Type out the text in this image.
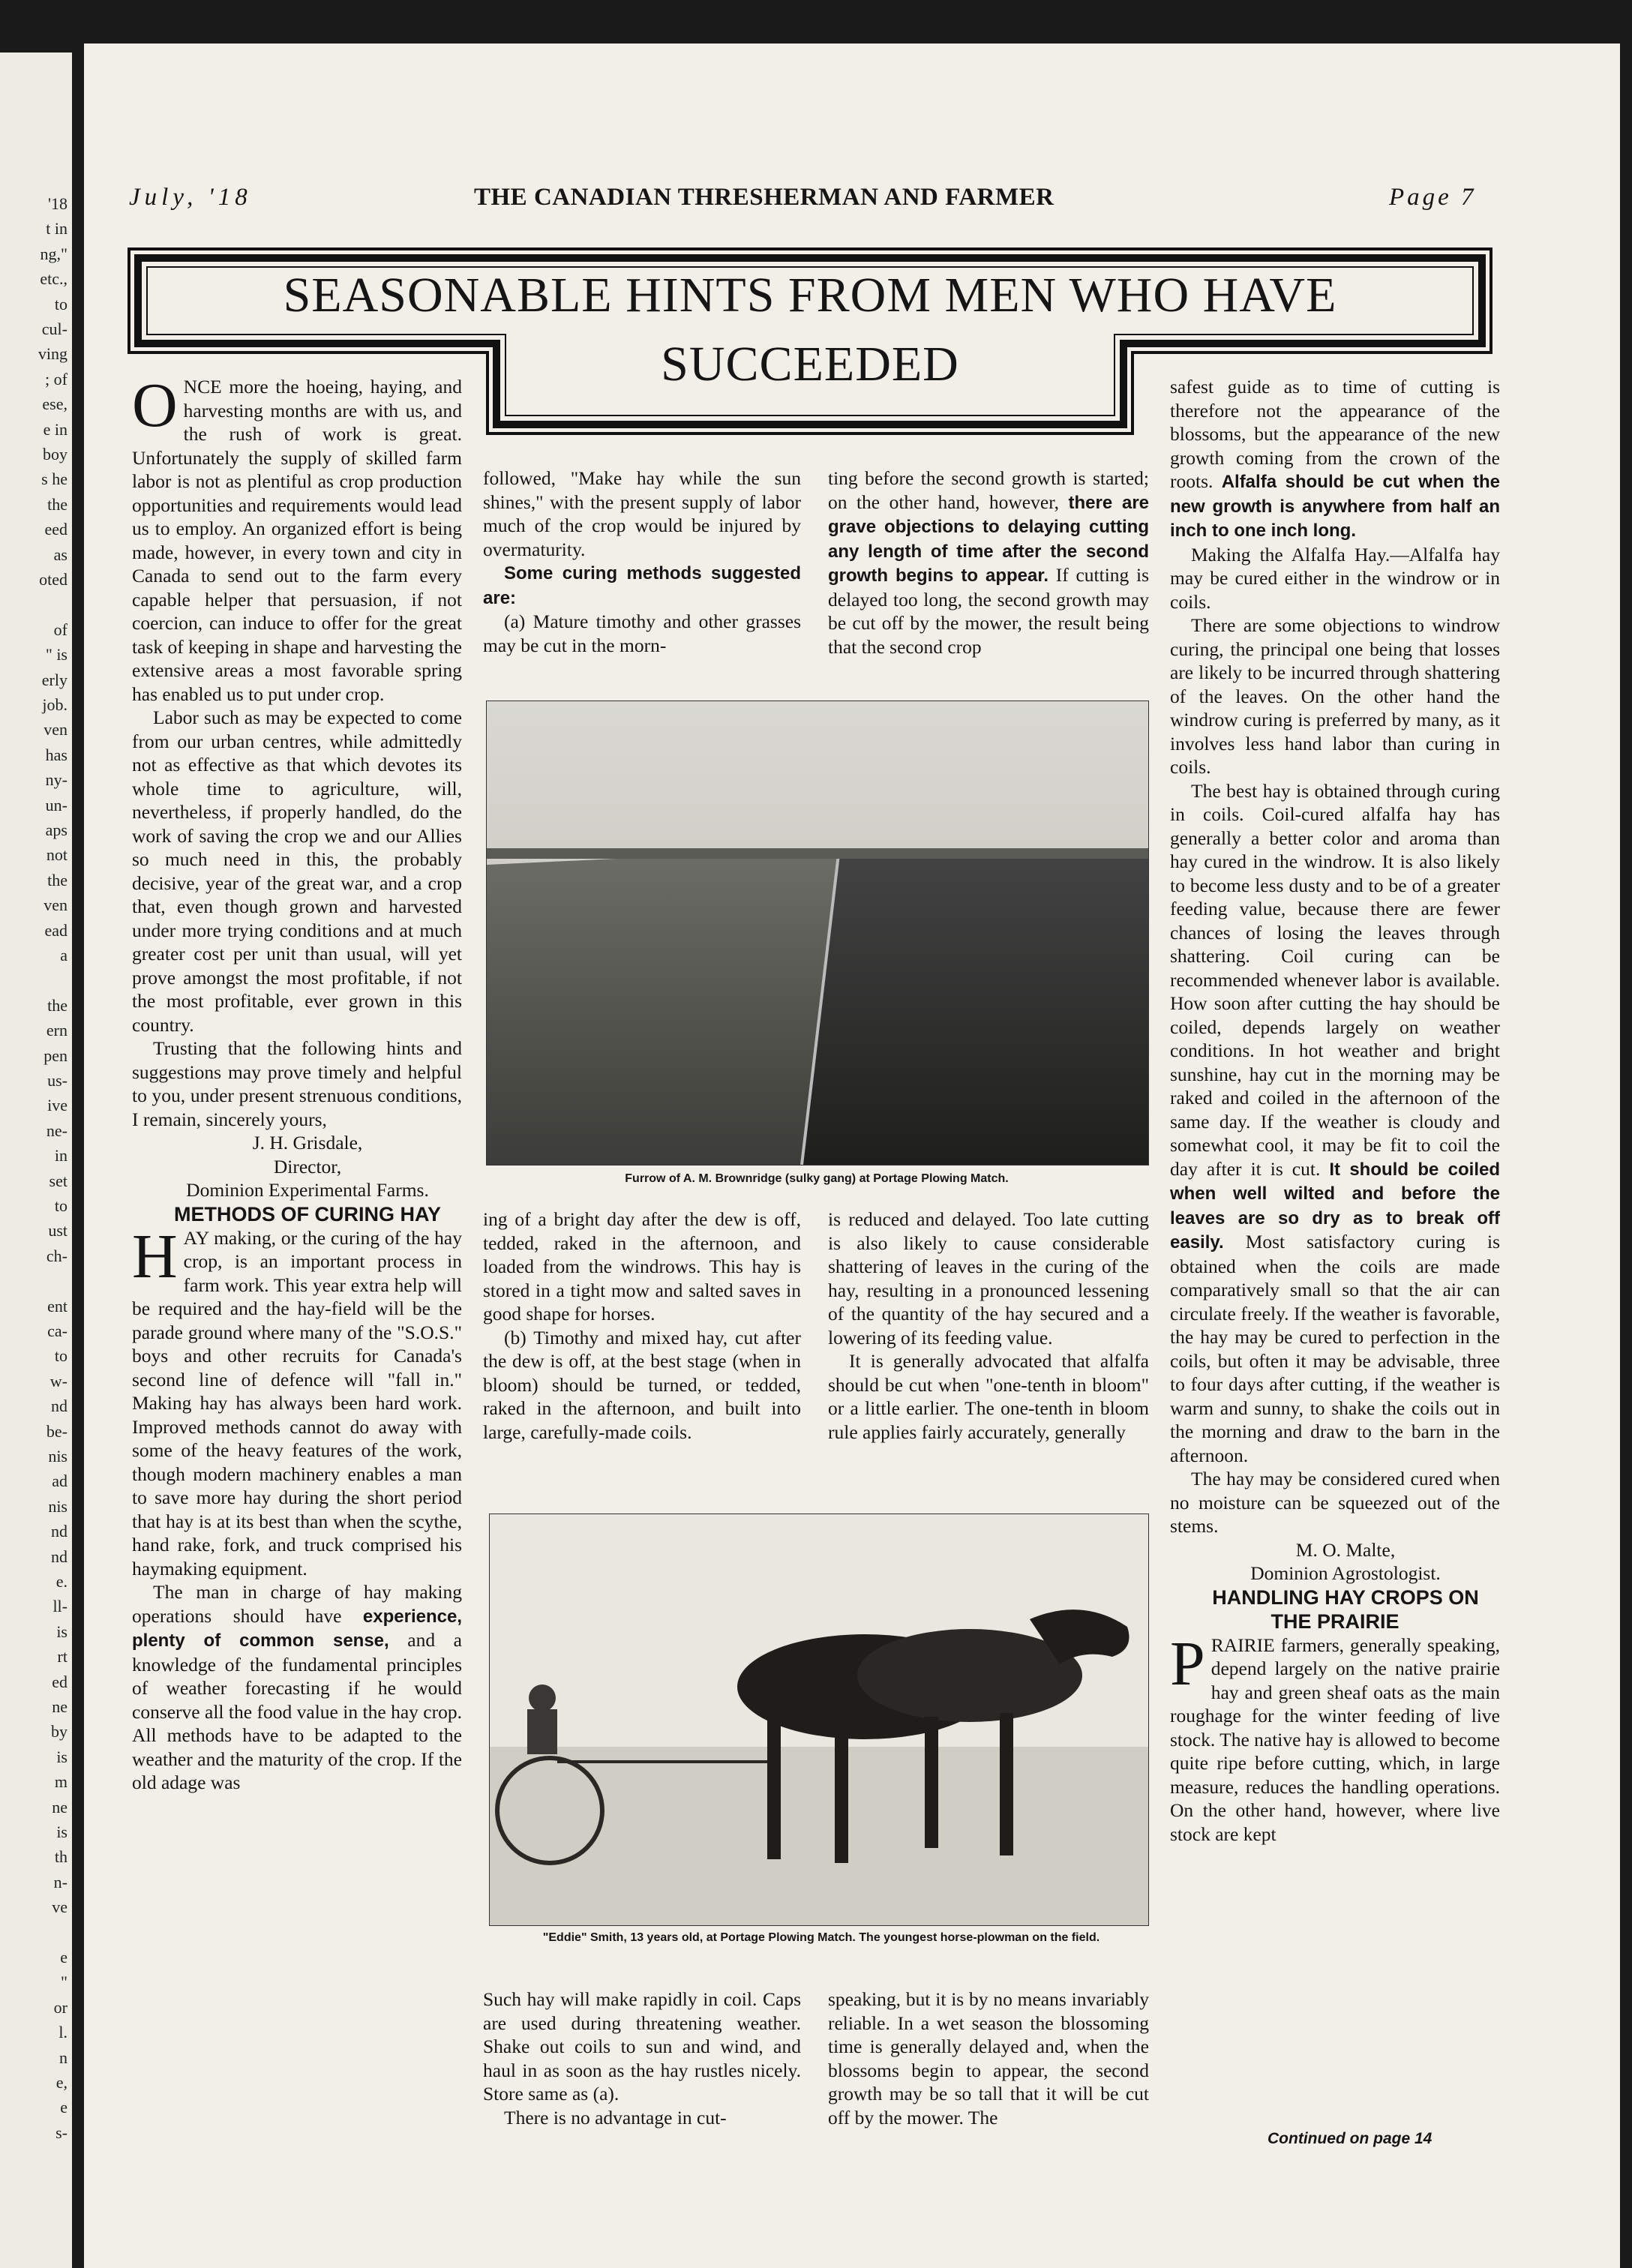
'18
t in
ng,"
etc.,
to
cul-
ving
; of
ese,
e in
boy
s he
the
eed
as
oted
of
" is
erly
job.
ven
has
ny-
un-
aps
not
the
ven
ead
a
the
ern
pen
us-
ive
ne-
in
set
to
ust
ch-
ent
ca-
to
w-
nd
be-
nis
ad
nis
nd
nd
e.
ll-
is
rt
ed
ne
by
is
m
ne
is
th
n-
ve
e
"
or
l.
n
e,
e
s-
July, '18	THE CANADIAN THRESHERMAN AND FARMER	Page 7
SEASONABLE HINTS FROM MEN WHO HAVE
SUCCEEDED

ONCE more the hoeing, haying, and harvesting months are with us, and the rush of work is great. Unfortunately the supply of skilled farm labor is not as plentiful as crop production opportunities and requirements would lead us to employ. An organized effort is being made, however, in every town and city in Canada to send out to the farm every capable helper that persuasion, if not coercion, can induce to offer for the great task of keeping in shape and harvesting the extensive areas a most favorable spring has enabled us to put under crop.

Labor such as may be expected to come from our urban centres, while admittedly not as effective as that which devotes its whole time to agriculture, will, nevertheless, if properly handled, do the work of saving the crop we and our Allies so much need in this, the probably decisive, year of the great war, and a crop that, even though grown and harvested under more trying conditions and at much greater cost per unit than usual, will yet prove amongst the most profitable, if not the most profitable, ever grown in this country.

Trusting that the following hints and suggestions may prove timely and helpful to you, under present strenuous conditions, I remain, sincerely yours,

J. H. Grisdale,

Director,

Dominion Experimental Farms.

METHODS OF CURING HAY

HAY making, or the curing of the hay crop, is an important process in farm work. This year extra help will be required and the hay-field will be the parade ground where many of the "S.O.S." boys and other recruits for Canada's second line of defence will "fall in." Making hay has always been hard work. Improved methods cannot do away with some of the heavy features of the work, though modern machinery enables a man to save more hay during the short period that hay is at its best than when the scythe, hand rake, fork, and truck comprised his haymaking equipment.

The man in charge of hay making operations should have experience, plenty of common sense, and a knowledge of the fundamental principles of weather forecasting if he would conserve all the food value in the hay crop. All methods have to be adapted to the weather and the maturity of the crop. If the old adage was

followed, "Make hay while the sun shines," with the present supply of labor much of the crop would be injured by overmaturity.

Some curing methods suggested are:

(a) Mature timothy and other grasses may be cut in the morn-

ting before the second growth is started; on the other hand, however, there are grave objections to delaying cutting any length of time after the second growth begins to appear. If cutting is delayed too long, the second growth may be cut off by the mower, the result being that the second crop

Furrow of A. M. Brownridge (sulky gang) at Portage Plowing Match.

ing of a bright day after the dew is off, tedded, raked in the afternoon, and loaded from the windrows. This hay is stored in a tight mow and salted saves in good shape for horses.

(b) Timothy and mixed hay, cut after the dew is off, at the best stage (when in bloom) should be turned, or tedded, raked in the afternoon, and built into large, carefully-made coils.

is reduced and delayed. Too late cutting is also likely to cause considerable shattering of leaves in the curing of the hay, resulting in a pronounced lessening of the quantity of the hay secured and a lowering of its feeding value.

It is generally advocated that alfalfa should be cut when "one-tenth in bloom" or a little earlier. The one-tenth in bloom rule applies fairly accurately, generally

"Eddie" Smith, 13 years old, at Portage Plowing Match. The youngest horse-plowman on the field.

Such hay will make rapidly in coil. Caps are used during threatening weather. Shake out coils to sun and wind, and haul in as soon as the hay rustles nicely. Store same as (a).

There is no advantage in cut-

speaking, but it is by no means invariably reliable. In a wet season the blossoming time is generally delayed and, when the blossoms begin to appear, the second growth may be so tall that it will be cut off by the mower. The

safest guide as to time of cutting is therefore not the appearance of the blossoms, but the appearance of the new growth coming from the crown of the roots. Alfalfa should be cut when the new growth is anywhere from half an inch to one inch long.

Making the Alfalfa Hay.—Alfalfa hay may be cured either in the windrow or in coils.

There are some objections to windrow curing, the principal one being that losses are likely to be incurred through shattering of the leaves. On the other hand the windrow curing is preferred by many, as it involves less hand labor than curing in coils.

The best hay is obtained through curing in coils. Coil-cured alfalfa hay has generally a better color and aroma than hay cured in the windrow. It is also likely to become less dusty and to be of a greater feeding value, because there are fewer chances of losing the leaves through shattering. Coil curing can be recommended whenever labor is available. How soon after cutting the hay should be coiled, depends largely on weather conditions. In hot weather and bright sunshine, hay cut in the morning may be raked and coiled in the afternoon of the same day. If the weather is cloudy and somewhat cool, it may be fit to coil the day after it is cut. It should be coiled when well wilted and before the leaves are so dry as to break off easily. Most satisfactory curing is obtained when the coils are made comparatively small so that the air can circulate freely. If the weather is favorable, the hay may be cured to perfection in the coils, but often it may be advisable, three to four days after cutting, if the weather is warm and sunny, to shake the coils out in the morning and draw to the barn in the afternoon.

The hay may be considered cured when no moisture can be squeezed out of the stems.

M. O. Malte,

Dominion Agrostologist.

HANDLING HAY CROPS ON THE PRAIRIE

PRAIRIE farmers, generally speaking, depend largely on the native prairie hay and green sheaf oats as the main roughage for the winter feeding of live stock. The native hay is allowed to become quite ripe before cutting, which, in large measure, reduces the handling operations. On the other hand, however, where live stock are kept

Continued on page 14
